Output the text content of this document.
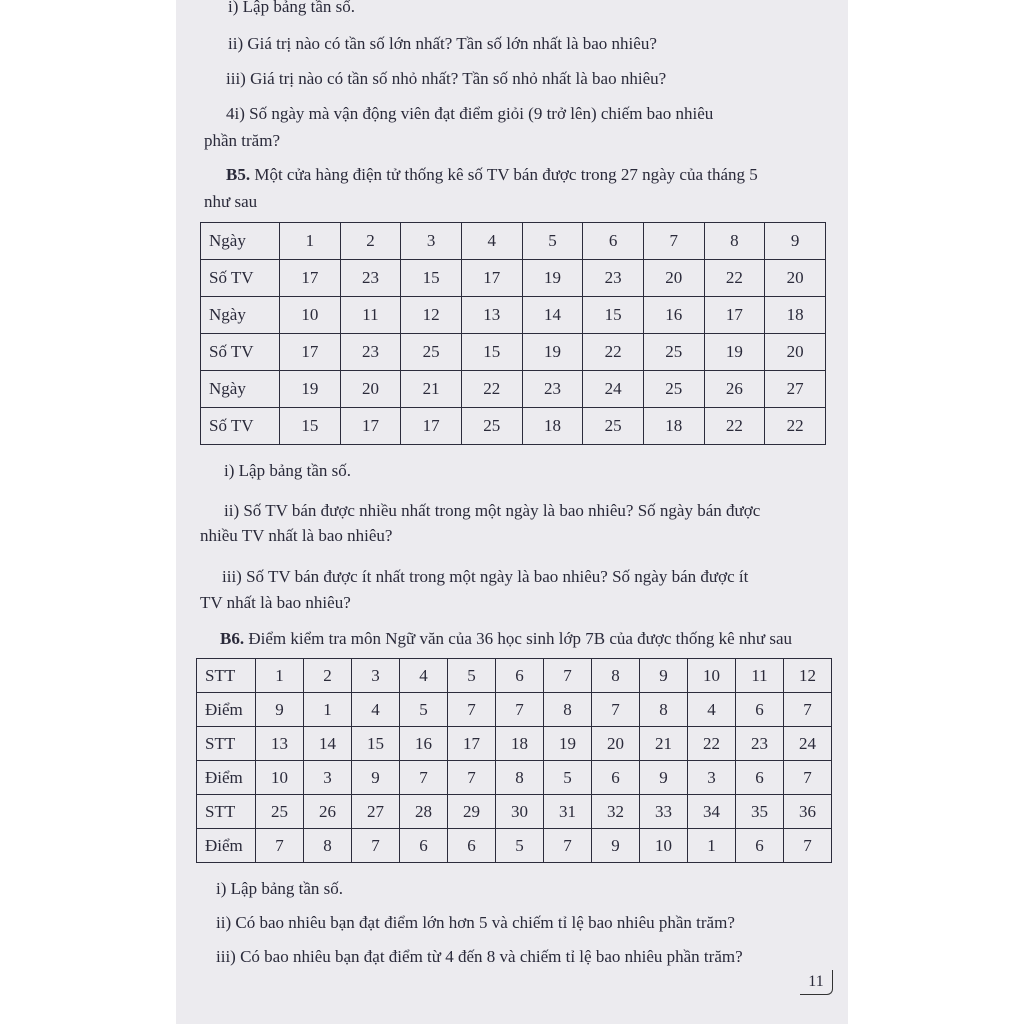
i) Lập bảng tần số.
ii) Giá trị nào có tần số lớn nhất? Tần số lớn nhất là bao nhiêu?
iii) Giá trị nào có tần số nhỏ nhất? Tần số nhỏ nhất là bao nhiêu?
4i) Số ngày mà vận động viên đạt điểm giỏi (9 trở lên) chiếm bao nhiêu
phần trăm?
B5. Một cửa hàng điện tử thống kê số TV bán được trong 27 ngày của tháng 5
như sau
Ngày	1	2	3	4	5	6	7	8	9
Số TV	17	23	15	17	19	23	20	22	20
Ngày	10	11	12	13	14	15	16	17	18
Số TV	17	23	25	15	19	22	25	19	20
Ngày	19	20	21	22	23	24	25	26	27
Số TV	15	17	17	25	18	25	18	22	22
i) Lập bảng tần số.
ii) Số TV bán được nhiều nhất trong một ngày là bao nhiêu? Số ngày bán được
nhiều TV nhất là bao nhiêu?
iii) Số TV bán được ít nhất trong một ngày là bao nhiêu? Số ngày bán được ít
TV nhất là bao nhiêu?
B6. Điểm kiểm tra môn Ngữ văn của 36 học sinh lớp 7B của được thống kê như sau
STT	1	2	3	4	5	6	7	8	9	10	11	12
Điểm	9	1	4	5	7	7	8	7	8	4	6	7
STT	13	14	15	16	17	18	19	20	21	22	23	24
Điểm	10	3	9	7	7	8	5	6	9	3	6	7
STT	25	26	27	28	29	30	31	32	33	34	35	36
Điểm	7	8	7	6	6	5	7	9	10	1	6	7
i) Lập bảng tần số.
ii) Có bao nhiêu bạn đạt điểm lớn hơn 5 và chiếm tỉ lệ bao nhiêu phần trăm?
iii) Có bao nhiêu bạn đạt điểm từ 4 đến 8 và chiếm tỉ lệ bao nhiêu phần trăm?
11
